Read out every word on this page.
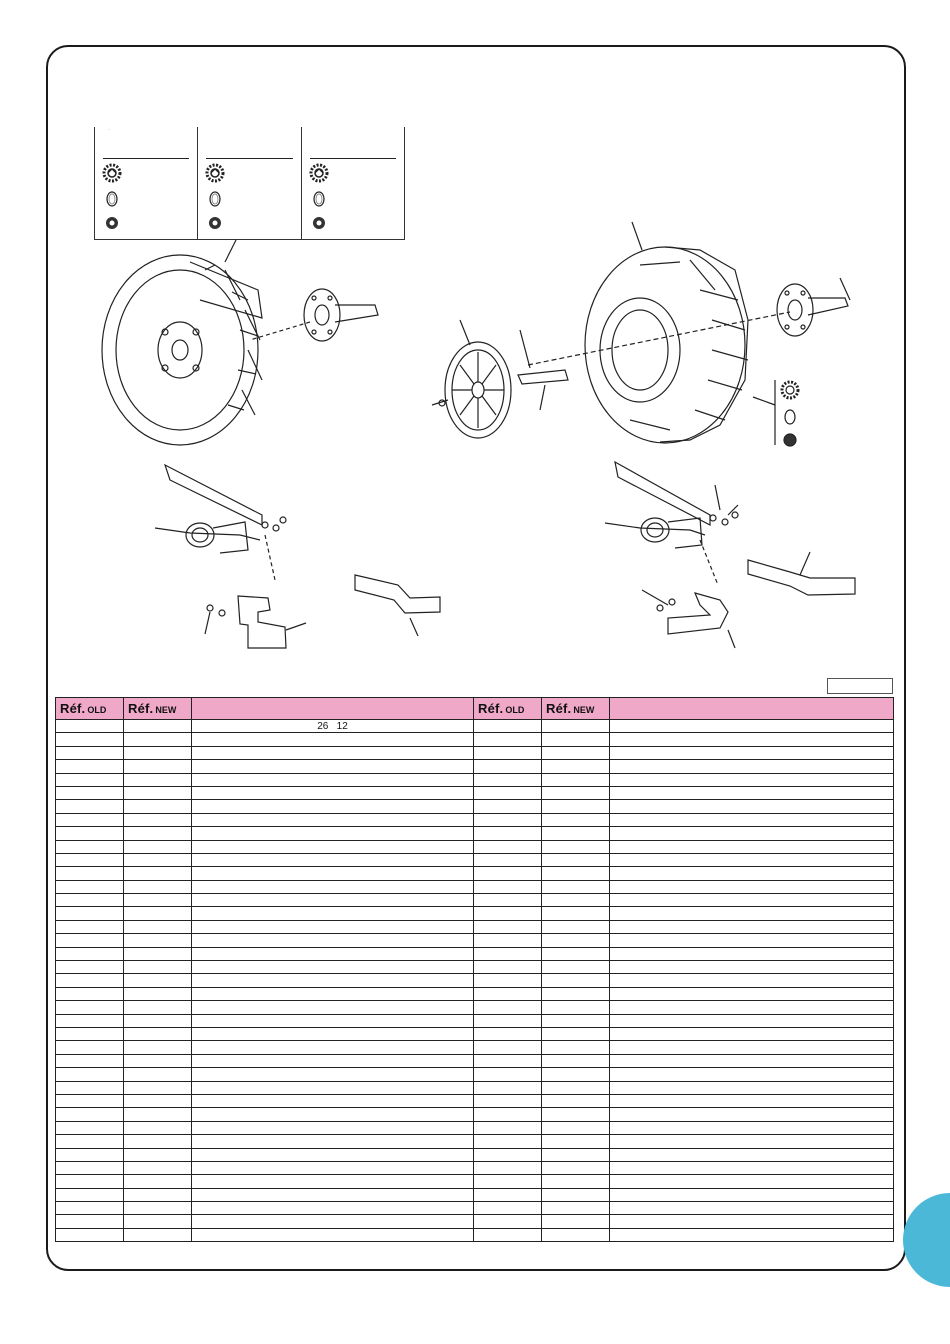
·
Réf. OLD	Réf. NEW		Réf. OLD	Réf. NEW	
		26 12			
